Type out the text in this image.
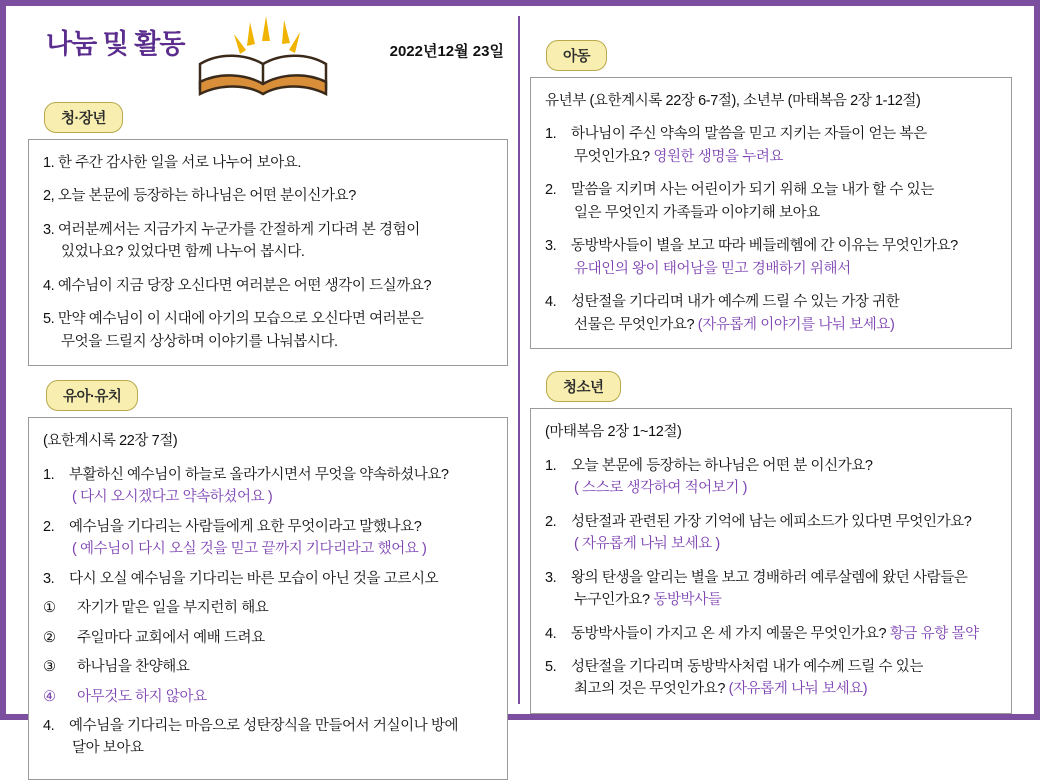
나눔 및 활동	2022년12월 23일
청·장년

1. 한 주간 감사한 일을 서로 나누어 보아요.

2, 오늘 본문에 등장하는 하나님은 어떤 분이신가요?

3. 여러분께서는 지금가지 누군가를 간절하게 기다려 본 경험이
있었나요? 있었다면 함께 나누어 봅시다.

4. 예수님이 지금 당장 오신다면 여러분은 어떤 생각이 드실까요?

5. 만약 예수님이 이 시대에 아기의 모습으로 오신다면 여러분은
무엇을 드릴지 상상하며 이야기를 나눠봅시다.

유아·유치

(요한계시록 22장 7절)

1.	부활하신 예수님이 하늘로 올라가시면서 무엇을 약속하셨나요?
( 다시 오시겠다고 약속하셨어요 )
2.	예수님을 기다리는 사람들에게 요한 무엇이라고 말했나요?
( 예수님이 다시 오실 것을 믿고 끝까지 기다리라고 했어요 )
3.	다시 오실 예수님을 기다리는 바른 모습이 아닌 것을 고르시오
①	자기가 맡은 일을 부지런히 해요
②	주일마다 교회에서 예배 드려요
③	하나님을 찬양해요
④	아무것도 하지 않아요
4.	예수님을 기다리는 마음으로 성탄장식을 만들어서 거실이나 방에
달아 보아요
아동

유년부 (요한계시록 22장 6-7절), 소년부 (마태복음 2장 1-12절)

1.	하나님이 주신 약속의 말씀을 믿고 지키는 자들이 얻는 복은
무엇인가요? 영원한 생명을 누려요
2.	말씀을 지키며 사는 어린이가 되기 위해 오늘 내가 할 수 있는
일은 무엇인지 가족들과 이야기해 보아요
3.	동방박사들이 별을 보고 따라 베들레헴에 간 이유는 무엇인가요?
유대인의 왕이 태어남을 믿고 경배하기 위해서
4.	성탄절을 기다리며 내가 예수께 드릴 수 있는 가장 귀한
선물은 무엇인가요? (자유롭게 이야기를 나눠 보세요)
청소년

(마태복음 2장 1~12절)

1.	오늘 본문에 등장하는 하나님은 어떤 분 이신가요?
( 스스로 생각하여 적어보기 )
2.	성탄절과 관련된 가장 기억에 남는 에피소드가 있다면 무엇인가요?
( 자유롭게 나눠 보세요 )
3.	왕의 탄생을 알리는 별을 보고 경배하러 예루살렘에 왔던 사람들은
누구인가요? 동방박사들
4.	동방박사들이 가지고 온 세 가지 예물은 무엇인가요? 황금 유향 몰약
5.	성탄절을 기다리며 동방박사처럼 내가 예수께 드릴 수 있는
최고의 것은 무엇인가요? (자유롭게 나눠 보세요)
